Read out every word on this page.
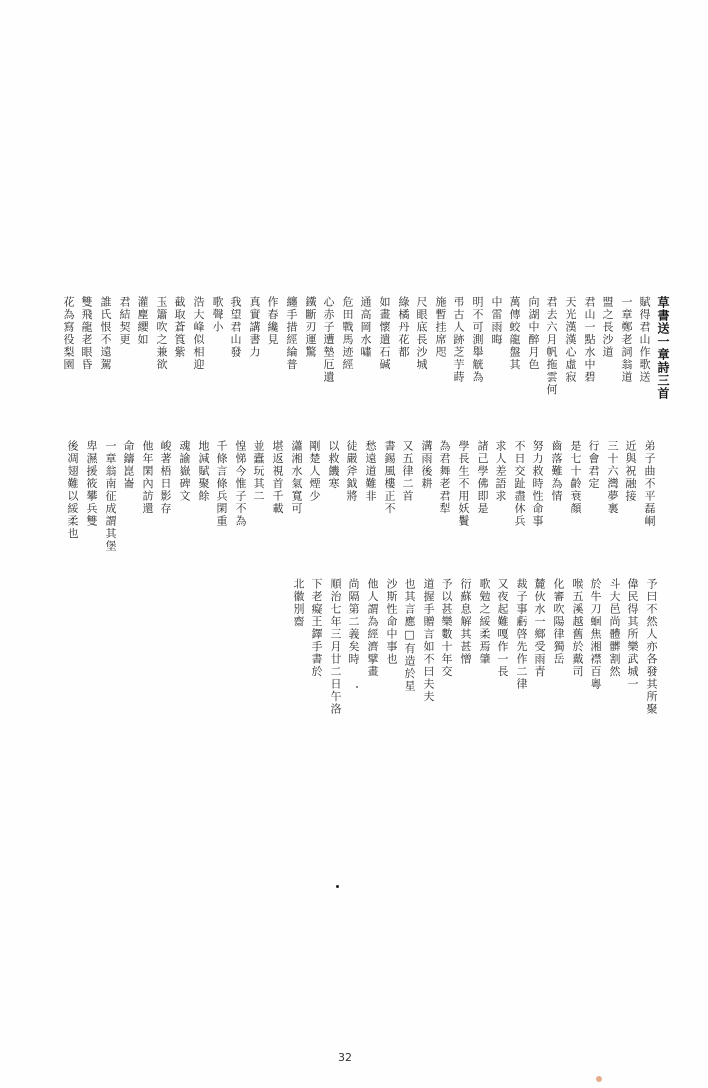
草書送一章詩三首
賦得君山作歌送
一章鄭老詞翁道
盟之長沙道
君山一點水中碧
天光漢漢心虛寂
君去六月帆拖雲何
向湖中醉月色
萬傳蛟龍盤其
中雷雨晦
明不可測舉觥為
弔古人跡芝芋蒔
施暫挂席咫
尺眼底長沙城
綠橘丹花都
如畫懷遣石碱
通高岡水嘯
危田戰馬迹經
心赤子遭墊厄遺
鐵斷刃運驚
纏手措經綸普
作春纔見
真實講書力
我望君山發
歌聲小
浩大峰似相迎
截取蒼筤紫
玉簫吹之兼欲
灌塵纓如
君結契更
誰氏恨不遠駕
雙飛龍老眼昏
花為寫役梨園
弟子曲不平磊峒
近與祝融接
三十六灣夢裏
行會君定
是七十齡衰顏
齒落難為情
努力救時性命事
不日交趾盡休兵
求人差語求
諸己學佛即是
學長生不用妖鬢
為君舞老君犁
溝雨後耕
又五律二首
書錫風樓正不
愁遠道難非
徒嚴斧鉞將
以救饑寒
剛楚人煙少
瀟湘水氣寬可
堪返視首千載
並蠹玩其二
惶悌今惟子不為
千條言條兵閑重
地減賦聚餘
魂諭嶽碑文
峻著梧日影存
他年閑內訪還
命鑄崑崙
一章翁南征成謂其堡
卑濕援筱攀兵雙
後凋翅難以綏柔也
予曰不然人亦各發其所聚
偉民得其所樂武城一
斗大邑尚體髒割然
於牛刀蛔焦湘襟百粵
喉五溪越舊於戴司
化審吹陽律獨岳
麓伙水一鄉受雨青
裁子事虧啓先作二律
又夜起難嘎作一長
歌勉之綏柔焉肇
衍蘇息解其甚憎
予以甚樂數十年交
道握手贈言如不曰夫夫
也其言應□有造於星
沙斯性命中事也
他人謂為經濟擘畫
尚隔第二義矣時
順治七年三月廿二日午洛
下老癡王鐸手書於
北徽別齋
32
